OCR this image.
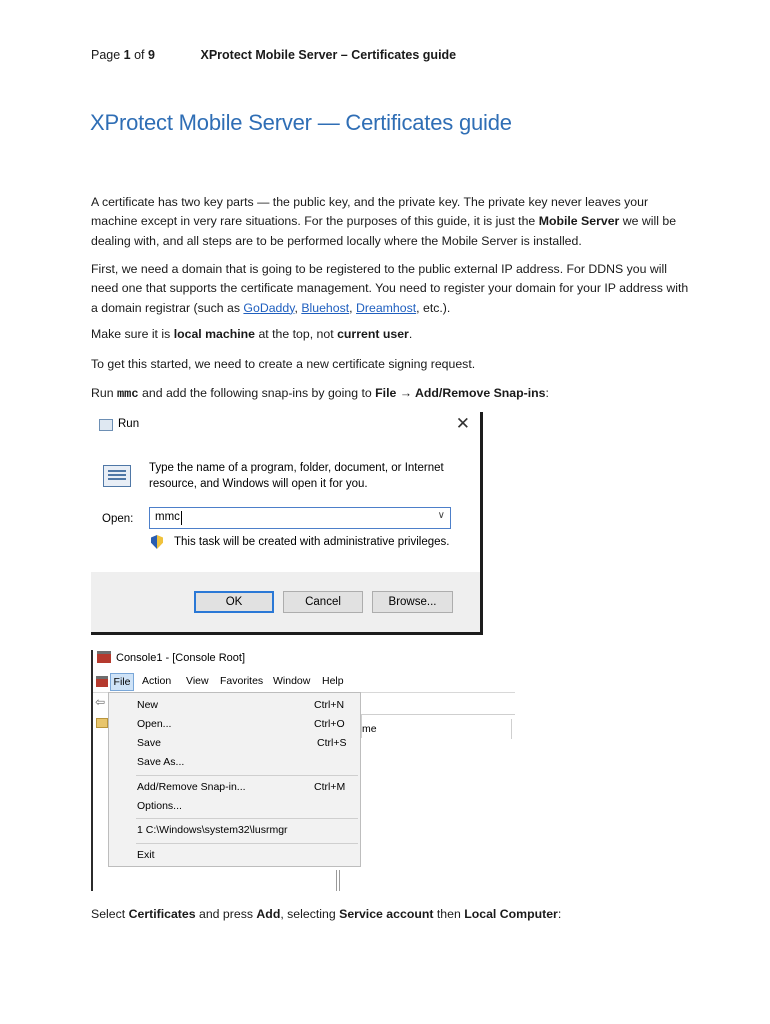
Page 1 of 9	XProtect Mobile Server – Certificates guide
XProtect Mobile Server — Certificates guide

A certificate has two key parts — the public key, and the private key. The private key never leaves your machine except in very rare situations. For the purposes of this guide, it is just the Mobile Server we will be dealing with, and all steps are to be performed locally where the Mobile Server is installed.

First, we need a domain that is going to be registered to the public external IP address. For DDNS you will need one that supports the certificate management. You need to register your domain for your IP address with a domain registrar (such as GoDaddy, Bluehost, Dreamhost, etc.).

Make sure it is local machine at the top, not current user.

To get this started, we need to create a new certificate signing request.

Run mmc and add the following snap-ins by going to File → Add/Remove Snap-ins:

Run	✕
Type the name of a program, folder, document, or Internet resource, and Windows will open it for you.
Open: mmc	∨
This task will be created with administrative privileges.
OK	Cancel	Browse...
Console1 - [Console Root]
File	Action View Favorites Window Help
⇦
me
New	Ctrl+N
Open...	Ctrl+O
Save	Ctrl+S
Save As...
Add/Remove Snap-in...	Ctrl+M
Options...
1 C:\Windows\system32\lusrmgr
Exit

Select Certificates and press Add, selecting Service account then Local Computer:
